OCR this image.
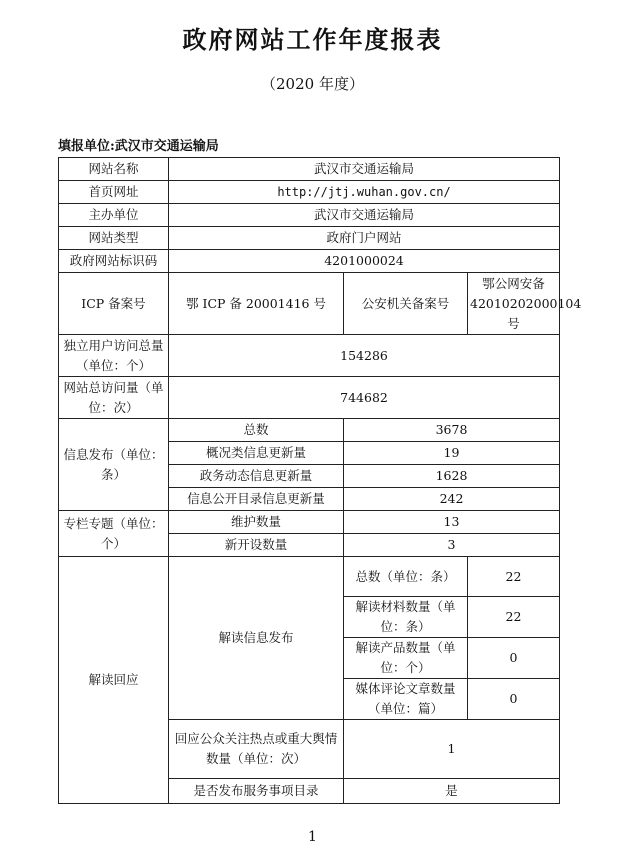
政府网站工作年度报表
（2020 年度）
填报单位:武汉市交通运输局
网站名称	武汉市交通运输局		
首页网址	http://jtj.wuhan.gov.cn/		
主办单位	武汉市交通运输局		
网站类型	政府门户网站		
政府网站标识码	4201000024		
ICP 备案号	鄂 ICP 备 20001416 号	公安机关备案号	鄂公网安备 42010202000104 号
独立用户访问总量（单位：个）	154286		
网站总访问量（单位：次）	744682		
信息发布（单位：条）	总数	3678	
	概况类信息更新量	19	
	政务动态信息更新量	1628	
	信息公开目录信息更新量	242	
专栏专题（单位：个）	维护数量	13	
	新开设数量	3	
解读回应	解读信息发布	总数（单位：条）	22
		解读材料数量（单位：条）	22
		解读产品数量（单位：个）	0
		媒体评论文章数量（单位：篇）	0
	回应公众关注热点或重大舆情数量（单位：次）	1	
	是否发布服务事项目录	是	
1
